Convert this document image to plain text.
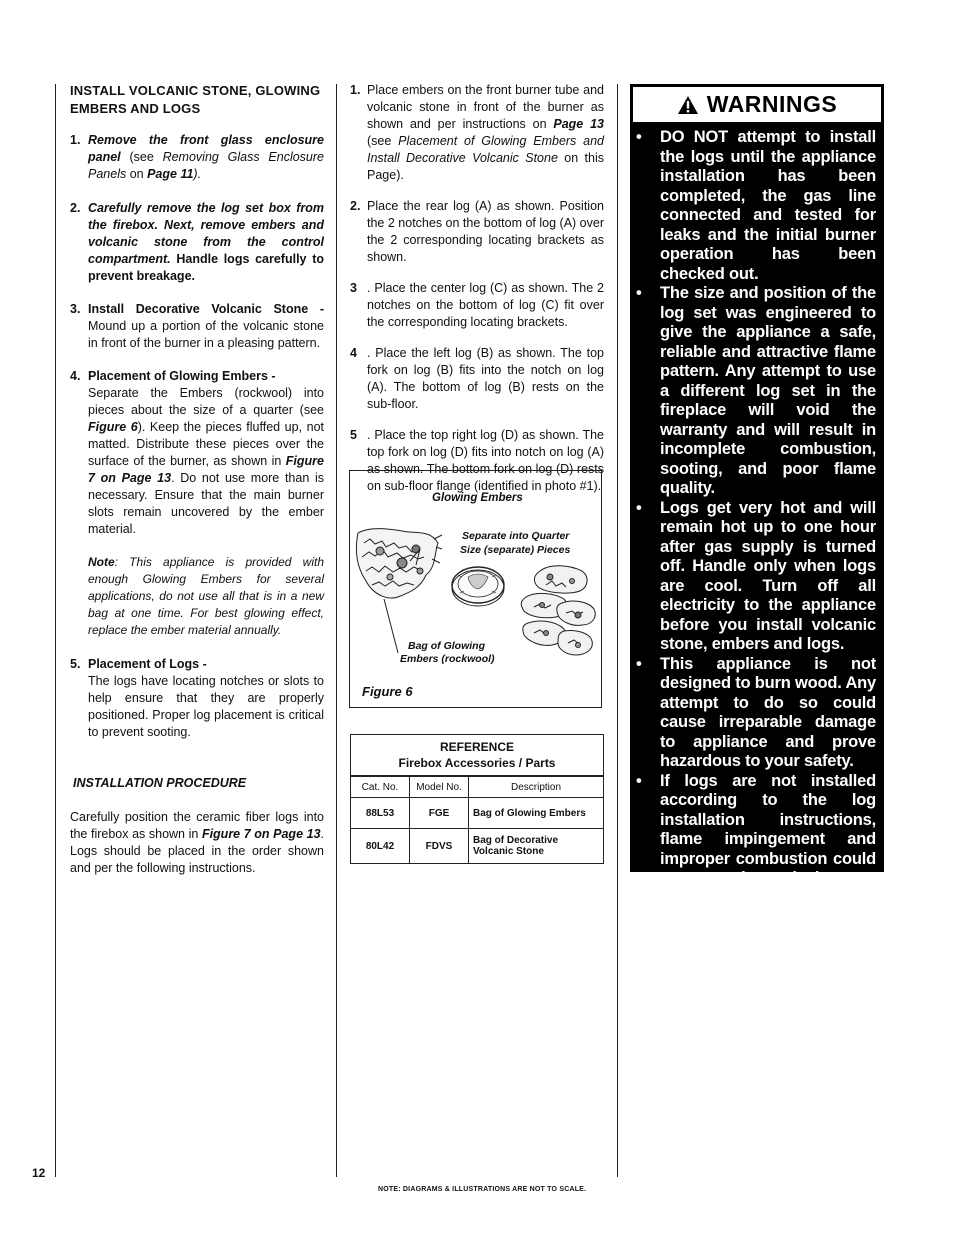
INSTALL VOLCANIC STONE, GLOWING EMBERS AND LOGS

1. Remove the front glass enclosure panel (see Removing Glass Enclosure Panels on Page 11).
2. Carefully remove the log set box from the firebox. Next, remove embers and volcanic stone from the control compartment. Handle logs carefully to prevent breakage.
3. Install Decorative Volcanic Stone - Mound up a portion of the volcanic stone in front of the burner in a pleasing pattern.
4. Placement of Glowing Embers -

Separate the Embers (rockwool) into pieces about the size of a quarter (see Figure 6). Keep the pieces fluffed up, not matted. Distribute these pieces over the surface of the burner, as shown in Figure 7 on Page 13. Do not use more than is necessary. Ensure that the main burner slots remain uncovered by the ember material.

Note: This appliance is provided with enough Glowing Embers for several applications, do not use all that is in a new bag at one time. For best glowing effect, replace the ember material annually.

5. Placement of Logs -

The logs have locating notches or slots to help ensure that they are properly positioned. Proper log placement is critical to prevent sooting.

INSTALLATION PROCEDURE

Carefully position the ceramic fiber logs into the firebox as shown in Figure 7 on Page 13. Logs should be placed in the order shown and per the following instructions.

1. Place embers on the front burner tube and volcanic stone in front of the burner as shown and per instructions on Page 13 (see Placement of Glowing Embers and Install Decorative Volcanic Stone on this Page).
2. Place the rear log (A) as shown. Position the 2 notches on the bottom of log (A) over the 2 corresponding locating brackets as shown.
3 . Place the center log (C) as shown. The 2 notches on the bottom of log (C) fit over the corresponding locating brackets.
4 . Place the left log (B) as shown. The top fork on log (B) fits into the notch on log (A). The bottom of log (B) rests on the sub-floor.
5 . Place the top right log (D) as shown. The top fork on log (D) fits into notch on log (A) as shown. The bottom fork on log (D) rests on sub-floor flange (identified in photo #1).
Glowing Embers
Separate into Quarter
Size (separate) Pieces
Bag of Glowing
Embers (rockwool)
Figure 6
REFERENCE
Firebox Accessories / Parts
Cat. No.	Model No.	Description
88L53	FGE	Bag of Glowing Embers
80L42	FDVS	Bag of Decorative Volcanic Stone
WARNINGS
•	DO NOT attempt to install the logs until the appliance installation has been completed, the gas line connected and tested for leaks and the initial burner operation has been checked out.
•	The size and position of the log set was engineered to give the appliance a safe, reliable and attractive flame pattern. Any attempt to use a different log set in the fireplace will void the warranty and will result in incomplete combustion, sooting, and poor flame quality.
•	Logs get very hot and will remain hot up to one hour after gas supply is turned off. Handle only when logs are cool. Turn off all electricity to the appliance before you install volcanic stone, embers and logs.
•	This appliance is not designed to burn wood. Any attempt to do so could cause irreparable damage to appliance and prove hazardous to your safety.
•	If logs are not installed according to the log installation instructions, flame impingement and improper combustion could occur and result in soot and/or excessive production of carbon monoxide (CO), a colorless, odorless, toxic gas.
12
NOTE: DIAGRAMS & ILLUSTRATIONS ARE NOT TO SCALE.
